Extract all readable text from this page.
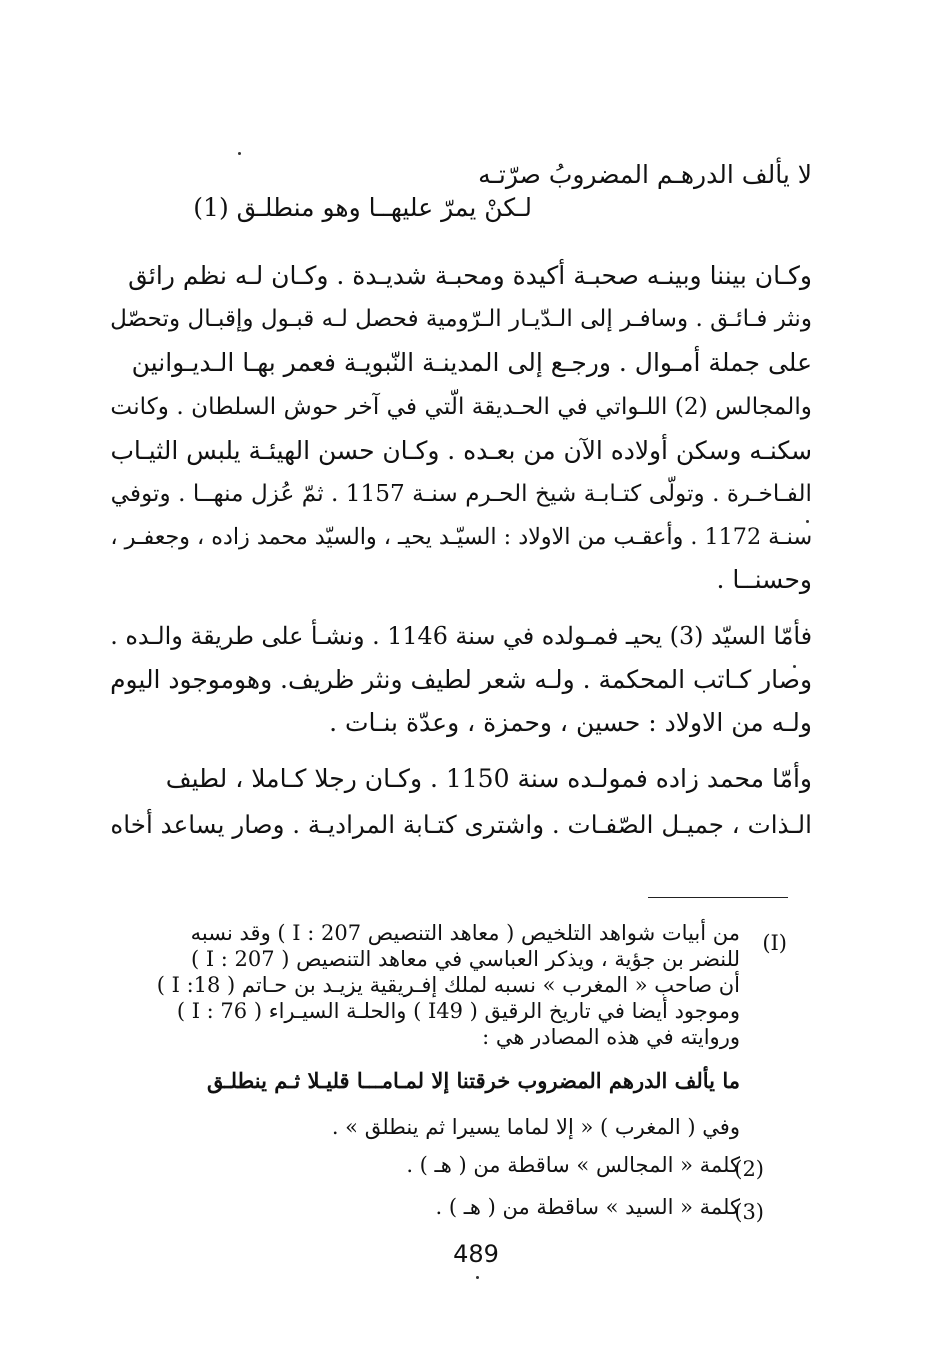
لا يألف الدرهـم المضروبُ صرّتـه
لـكنْ يمرّ عليهــا وهو منطلـق (1)
وكـان بيننا وبينـه صحبـة أكيدة ومحبـة شديـدة . وكـان لـه نظم رائق
ونثر فـائـق . وسافـر إلى الـدّيـار الـرّومية فحصل لـه قبـول وإقبـال وتحصّل
على جملة أمـوال . ورجـع إلى المدينـة النّبويـة فعمر بهـا الـديـوانين
والمجالس (2) اللـواتي في الحـديقة الّتي في آخر حوش السلطان . وكانت
سكنـه وسكن أولاده الآن من بعـده . وكـان حسن الهيئـة يلبس الثيـاب
الفـاخـرة . وتولّى كتـابـة شيخ الحـرم سنـة 1157 . ثمّ عُزل منهــا . وتوفي
سنـة 1172 . وأعقـب من الاولاد : السيّـد يحيـ ، والسيّد محمد زاده ، وجعفـر ،
وحسنــا .
فأمّا السيّد (3) يحيـ فمـولده في سنة 1146 . ونشـأ على طريقة والـده .
وصار كـاتب المحكمة . ولـه شعر لطيف ونثر ظريف. وهوموجود اليوم
ولـه من الاولاد : حسين ، وحمزة ، وعدّة بنـات .
وأمّا محمد زاده فمولـده سنة 1150 . وكـان رجلا كـاملا ، لطيف
الـذات ، جميـل الصّفـات . واشترى كتـابة المراديـة . وصار يساعد أخاه
(I)
من أبيات شواهد التلخيص ( معاهد التنصيص I : 207 ) وقد نسبه
للنضر بن جؤية ، ويذكر العباسي في معاهد التنصيص ( I : 207 )
أن صاحب « المغرب » نسبه لملك إفـريقية يزيـد بن حـاتم ( I :18 )
وموجود أيضا في تاريخ الرقيق ( I49 ) والحلـة السيـراء ( I : 76 )
وروايته في هذه المصادر هي :
ما يألف الدرهم المضروب خرقتنا إلا لمـامـــا قليـلا ثـم ينطلـق
وفي ( المغرب ) « إلا لماما يسيرا ثم ينطلق » .
(2)
كلمة « المجالس » ساقطة من ( هـ ) .
(3)
كلمة « السيد » ساقطة من ( هـ ) .
489
